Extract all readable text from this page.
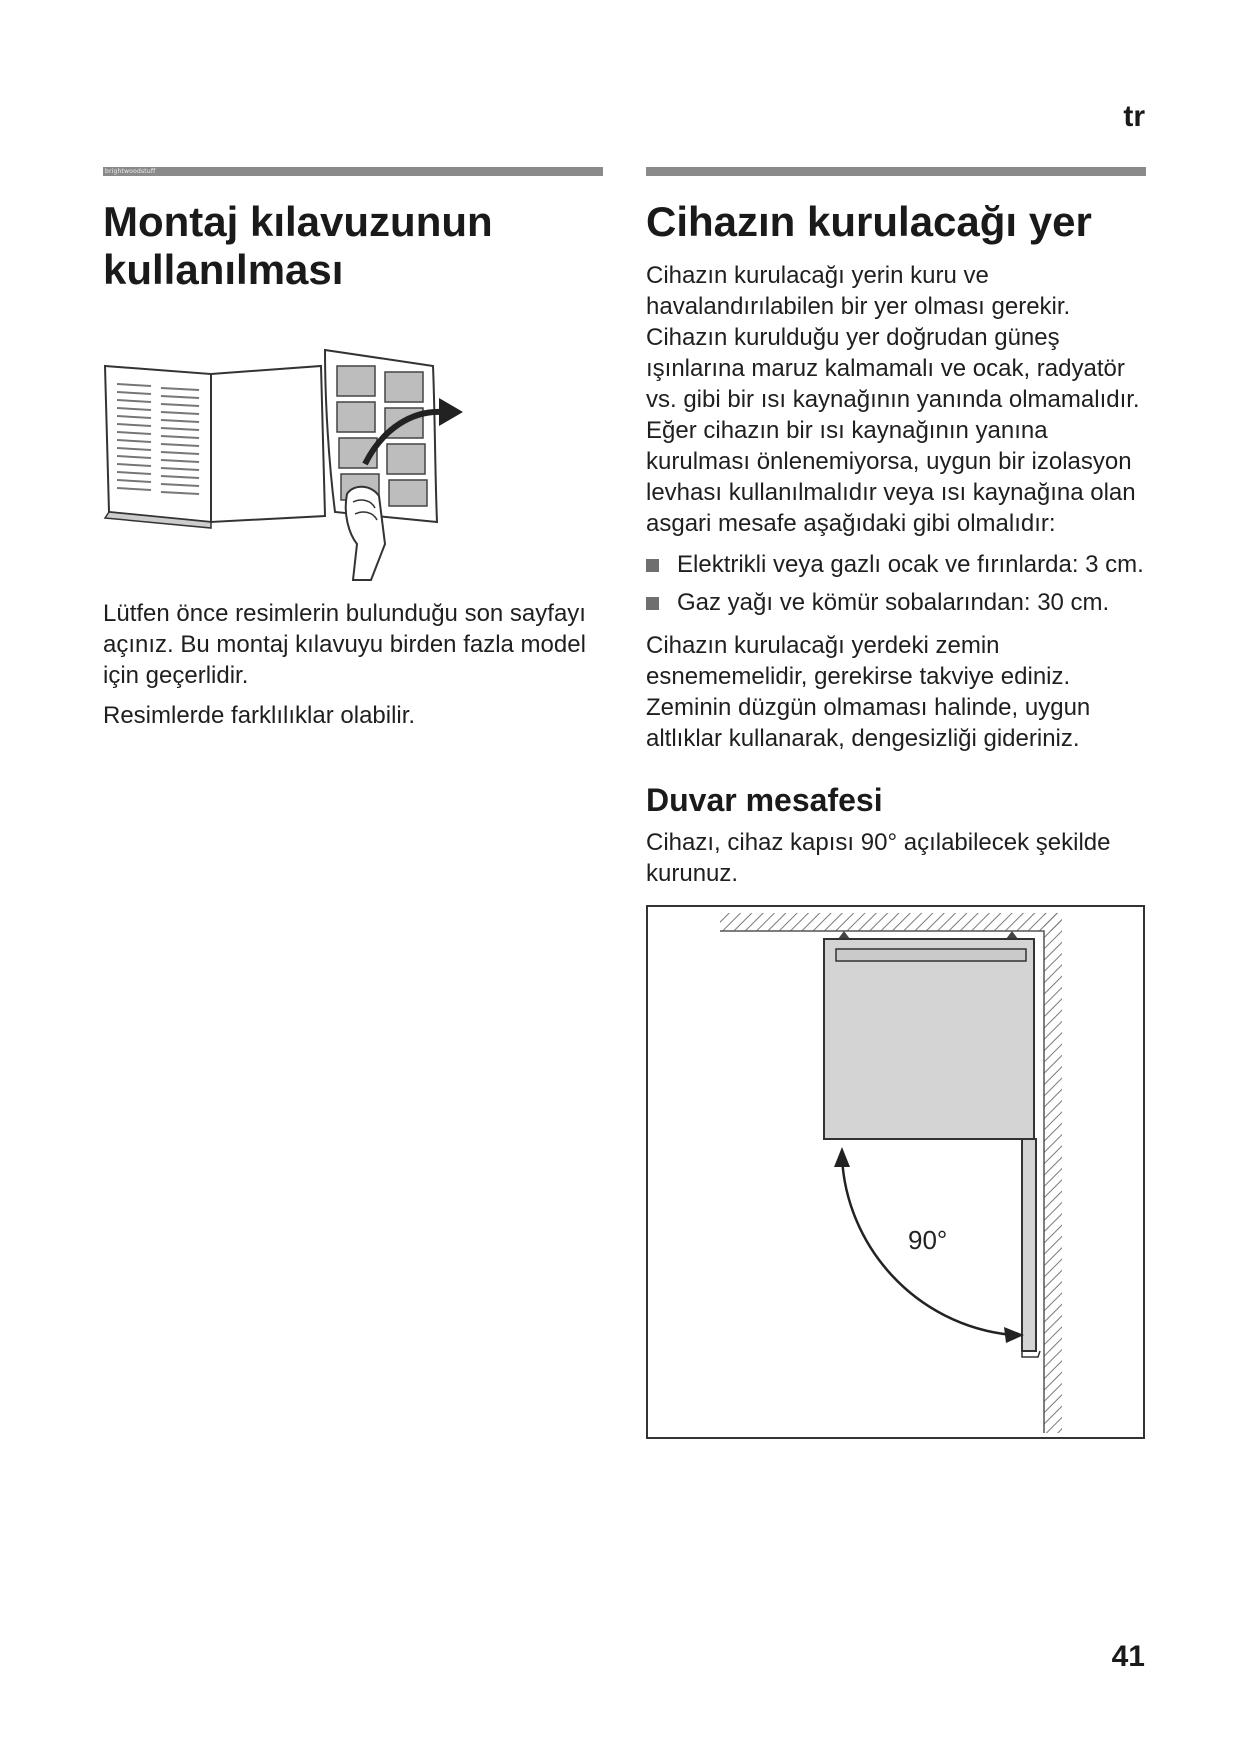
tr
brightwoodstuff
Montaj kılavuzunun kullanılması

Lütfen önce resimlerin bulunduğu son sayfayı açınız. Bu montaj kılavuyu birden fazla model için geçerlidir.

Resimlerde farklılıklar olabilir.

Cihazın kurulacağı yer

Cihazın kurulacağı yerin kuru ve havalandırılabilen bir yer olması gerekir. Cihazın kurulduğu yer doğrudan güneş ışınlarına maruz kalmamalı ve ocak, radyatör vs. gibi bir ısı kaynağının yanında olmamalıdır. Eğer cihazın bir ısı kaynağının yanına kurulması önlenemiyorsa, uygun bir izolasyon levhası kullanılmalıdır veya ısı kaynağına olan asgari mesafe aşağıdaki gibi olmalıdır:

Elektrikli veya gazlı ocak ve fırınlarda: 3 cm.
Gaz yağı ve kömür sobalarından: 30 cm.

Cihazın kurulacağı yerdeki zemin esnememelidir, gerekirse takviye ediniz. Zeminin düzgün olmaması halinde, uygun altlıklar kullanarak, dengesizliği gideriniz.

Duvar mesafesi

Cihazı, cihaz kapısı 90° açılabilecek şekilde kurunuz.

90°
41
